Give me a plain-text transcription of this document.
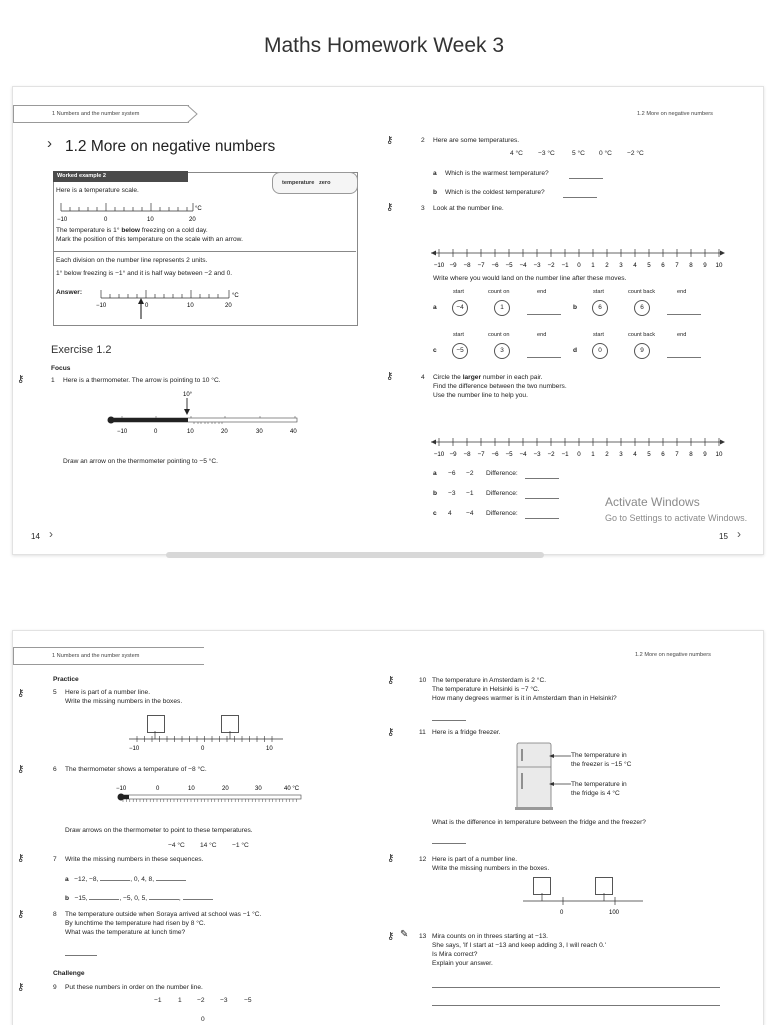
Maths Homework Week 3
1 Numbers and the number system	1.2 More on negative numbers
› 1.2 More on negative numbers
Worked example 2
temperature   zero
Here is a temperature scale.
°C
−10	0	10	20
The temperature is 1° below freezing on a cold day.
Mark the position of this temperature on the scale with an arrow.
Each division on the number line represents 2 units.
1° below freezing is −1° and it is half way between −2 and 0.
Answer:	°C
−10	0	10	20
Exercise 1.2
Focus
⚷	1 Here is a thermometer. The arrow is pointing to 10 °C.
10°
−10	0	10	20	30	40
Draw an arrow on the thermometer pointing to −5 °C.
⚷	2 Here are some temperatures.
4 °C −3 °C	5 °C 0 °C −2 °C
a Which is the warmest temperature?
b Which is the coldest temperature?
⚷	3 Look at the number line.
−10 −9 −8 −7 −6 −5 −4 −3 −2 −1 0 1 2 3 4 5 6 7 8 9 10
Write where you would land on the number line after these moves.
start	count on	end
a	−4	1
start	count back	end
b	6	6
start	count on	end
c	−5	3
start	count back	end
d	0	9
⚷	4 Circle the larger number in each pair.
Find the difference between the two numbers.
Use the number line to help you.
−10 −9 −8 −7 −6 −5 −4 −3 −2 −1 0 1 2 3 4 5 6 7 8 9 10
a −6 −2 Difference:
b −3 −1 Difference:
c 4 −4 Difference:
14 ›	15 ›
Activate Windows
Go to Settings to activate Windows.
1 Numbers and the number system	1.2 More on negative numbers
Practice
⚷	5 Here is part of a number line.
Write the missing numbers in the boxes.
−10	0	10
⚷	6 The thermometer shows a temperature of −8 °C.
−10	0	10	20	30	40 °C
Draw arrows on the thermometer to point to these temperatures.
−4 °C 14 °C −1 °C
⚷	7 Write the missing numbers in these sequences.
a −12, −8,	, 0, 4, 8,
b −15,	, −5, 0, 5,	,
⚷	8 The temperature outside when Soraya arrived at school was −1 °C.
By lunchtime the temperature had risen by 8 °C.
What was the temperature at lunch time?
Challenge
⚷	9 Put these numbers in order on the number line.
−1 1 −2 −3 −5
0
⚷	10 The temperature in Amsterdam is 2 °C.
The temperature in Helsinki is −7 °C.
How many degrees warmer is it in Amsterdam than in Helsinki?
⚷	11 Here is a fridge freezer.
The temperature in
the freezer is −15 °C
The temperature in
the fridge is 4 °C
What is the difference in temperature between the fridge and the freezer?
⚷	12 Here is part of a number line.
Write the missing numbers in the boxes.
0	100
⚷ ✎ 13 Mira counts on in threes starting at −13.
She says, 'If I start at −13 and keep adding 3, I will reach 0.'
Is Mira correct?
Explain your answer.
